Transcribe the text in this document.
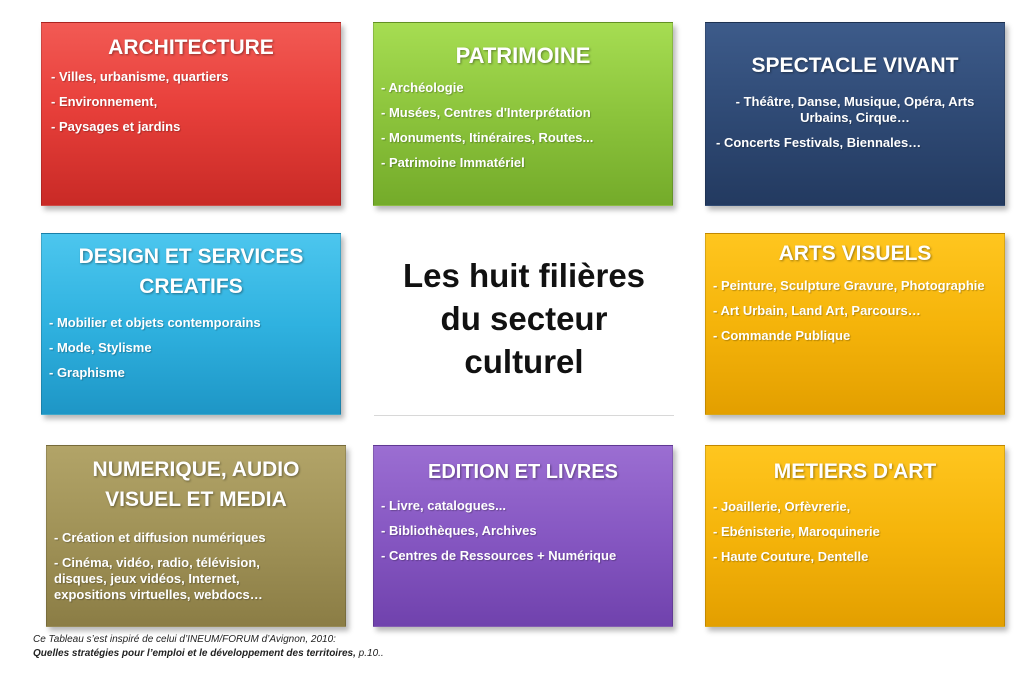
ARCHITECTURE
- Villes, urbanisme, quartiers
- Environnement,
- Paysages et jardins
PATRIMOINE
- Archéologie
- Musées, Centres d'Interprétation
- Monuments, Itinéraires, Routes...
- Patrimoine Immatériel
SPECTACLE VIVANT
- Théâtre, Danse, Musique, Opéra, Arts Urbains, Cirque…
- Concerts Festivals, Biennales…
DESIGN ET SERVICES
CREATIFS
- Mobilier et objets contemporains
- Mode, Stylisme
- Graphisme
Les huit filières
du secteur
culturel
ARTS VISUELS
- Peinture, Sculpture Gravure, Photographie
- Art Urbain, Land Art, Parcours…
- Commande Publique
NUMERIQUE, AUDIO
VISUEL ET MEDIA
- Création et diffusion numériques
- Cinéma, vidéo, radio, télévision, disques, jeux vidéos, Internet, expositions virtuelles, webdocs…
EDITION ET LIVRES
- Livre, catalogues...
- Bibliothèques, Archives
- Centres de Ressources + Numérique
METIERS D'ART
- Joaillerie, Orfèvrerie,
- Ebénisterie, Maroquinerie
- Haute Couture, Dentelle
Ce Tableau s’est inspiré de celui d’INEUM/FORUM d’Avignon, 2010:
Quelles stratégies pour l’emploi et le développement des territoires, p.10..
